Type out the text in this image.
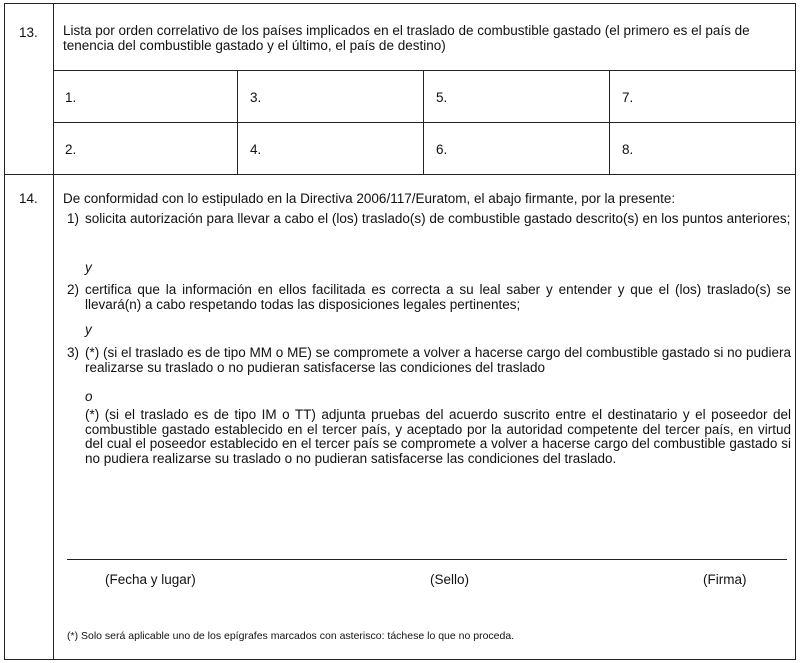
13. Lista por orden correlativo de los países implicados en el traslado de combustible gastado (el primero es el país de tenencia del combustible gastado y el último, el país de destino)
1.	3.	5.	7.
2.	4.	6.	8.
14. De conformidad con lo estipulado en la Directiva 2006/117/Euratom, el abajo firmante, por la presente:
1) solicita autorización para llevar a cabo el (los) traslado(s) de combustible gastado descrito(s) en los puntos anteriores;
y
2) certifica que la información en ellos facilitada es correcta a su leal saber y entender y que el (los) traslado(s) se llevará(n) a cabo respetando todas las disposiciones legales pertinentes;
y
3) (*) (si el traslado es de tipo MM o ME) se compromete a volver a hacerse cargo del combustible gastado si no pudiera realizarse su traslado o no pudieran satisfacerse las condiciones del traslado
o
(*) (si el traslado es de tipo IM o TT) adjunta pruebas del acuerdo suscrito entre el destinatario y el poseedor del combustible gastado establecido en el tercer país, y aceptado por la autoridad competente del tercer país, en virtud del cual el poseedor establecido en el tercer país se compromete a volver a hacerse cargo del combustible gastado si no pudiera realizarse su traslado o no pudieran satisfacerse las condiciones del traslado.
(Fecha y lugar)	(Sello)	(Firma)
(*) Solo será aplicable uno de los epígrafes marcados con asterisco: táchese lo que no proceda.
